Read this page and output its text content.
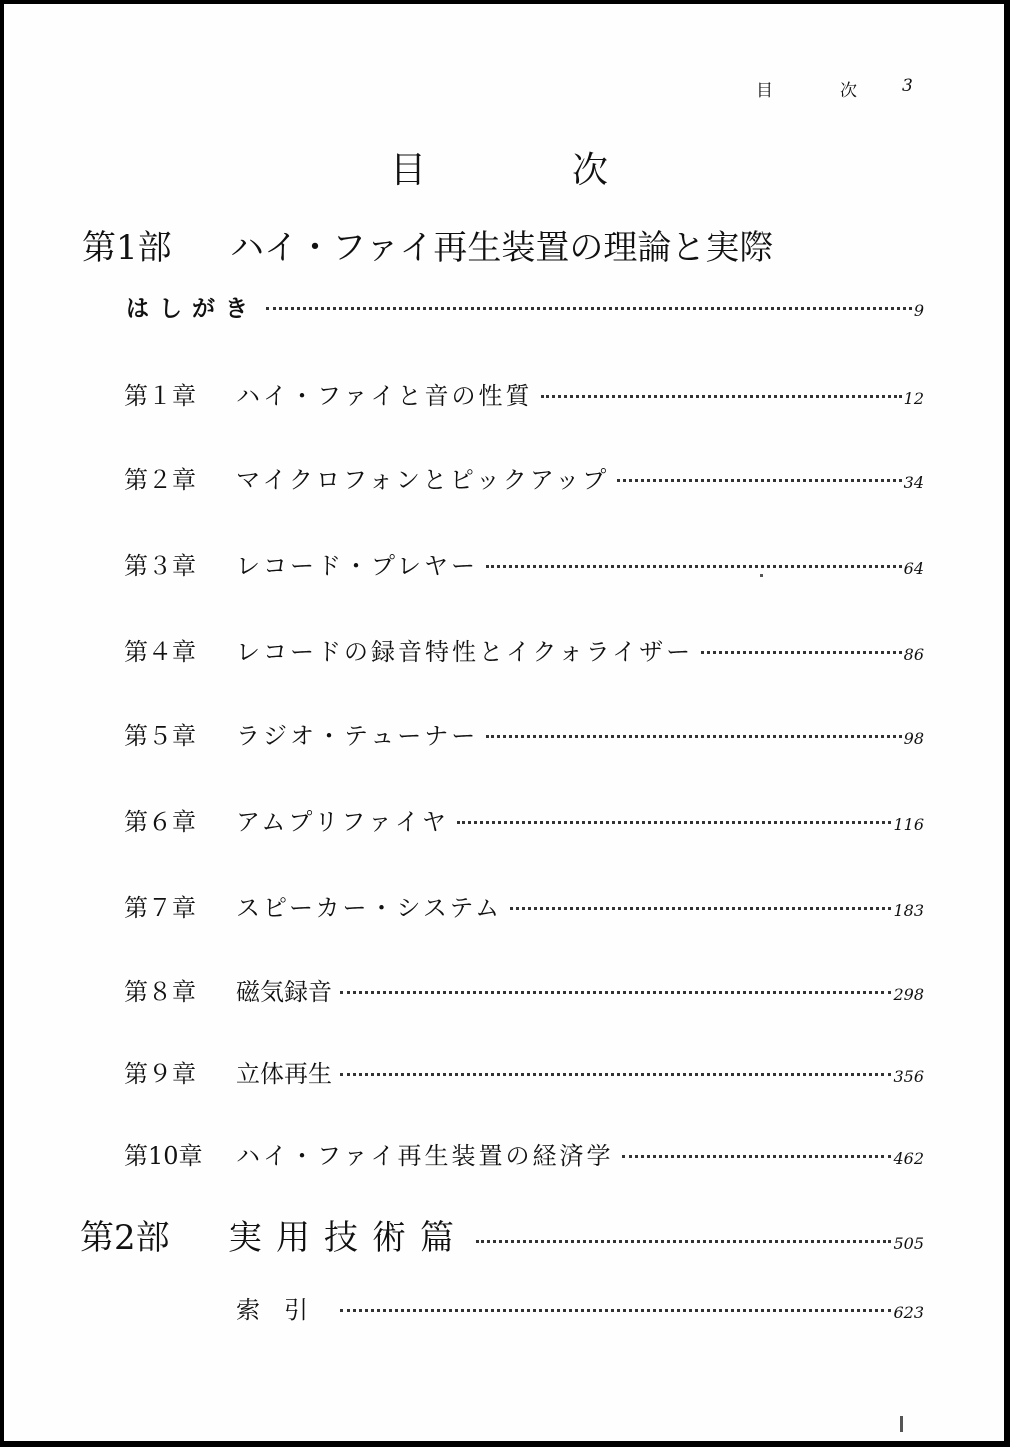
目	次	3
目	次
第1部 ハイ・ファイ再生装置の理論と実際
はしがき	9
第１章	ハイ・ファイと音の性質	12
第２章	マイクロフォンとピックアップ	34
第３章	レコード・プレヤー	64
第４章	レコードの録音特性とイクォライザー	86
第５章	ラジオ・テューナー	98
第６章	アムプリファイヤ	116
第７章	スピーカー・システム	183
第８章	磁気録音	298
第９章	立体再生	356
第10章	ハイ・ファイ再生装置の経済学	462
第2部 実用技術篇	505
索引	623
